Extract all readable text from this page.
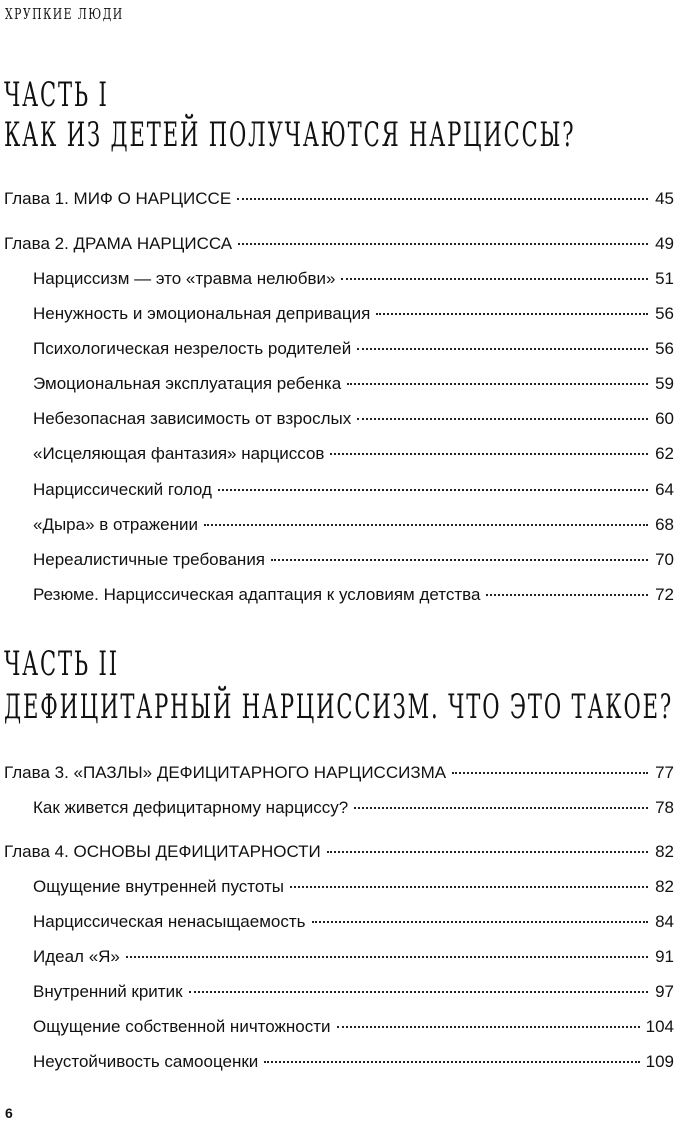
ХРУПКИЕ ЛЮДИ
ЧАСТЬ I
КАК ИЗ ДЕТЕЙ ПОЛУЧАЮТСЯ НАРЦИССЫ?
Глава 1. МИФ О НАРЦИССЕ	45
Глава 2. ДРАМА НАРЦИССА	49
Нарциссизм — это «травма нелюбви»	51
Ненужность и эмоциональная депривация	56
Психологическая незрелость родителей	56
Эмоциональная эксплуатация ребенка	59
Небезопасная зависимость от взрослых	60
«Исцеляющая фантазия» нарциссов	62
Нарциссический голод	64
«Дыра» в отражении	68
Нереалистичные требования	70
Резюме. Нарциссическая адаптация к условиям детства	72
ЧАСТЬ II
ДЕФИЦИТАРНЫЙ НАРЦИССИЗМ. ЧТО ЭТО ТАКОЕ?
Глава 3. «ПАЗЛЫ» ДЕФИЦИТАРНОГО НАРЦИССИЗМА	77
Как живется дефицитарному нарциссу?	78
Глава 4. ОСНОВЫ ДЕФИЦИТАРНОСТИ	82
Ощущение внутренней пустоты	82
Нарциссическая ненасыщаемость	84
Идеал «Я»	91
Внутренний критик	97
Ощущение собственной ничтожности	104
Неустойчивость самооценки	109
6
